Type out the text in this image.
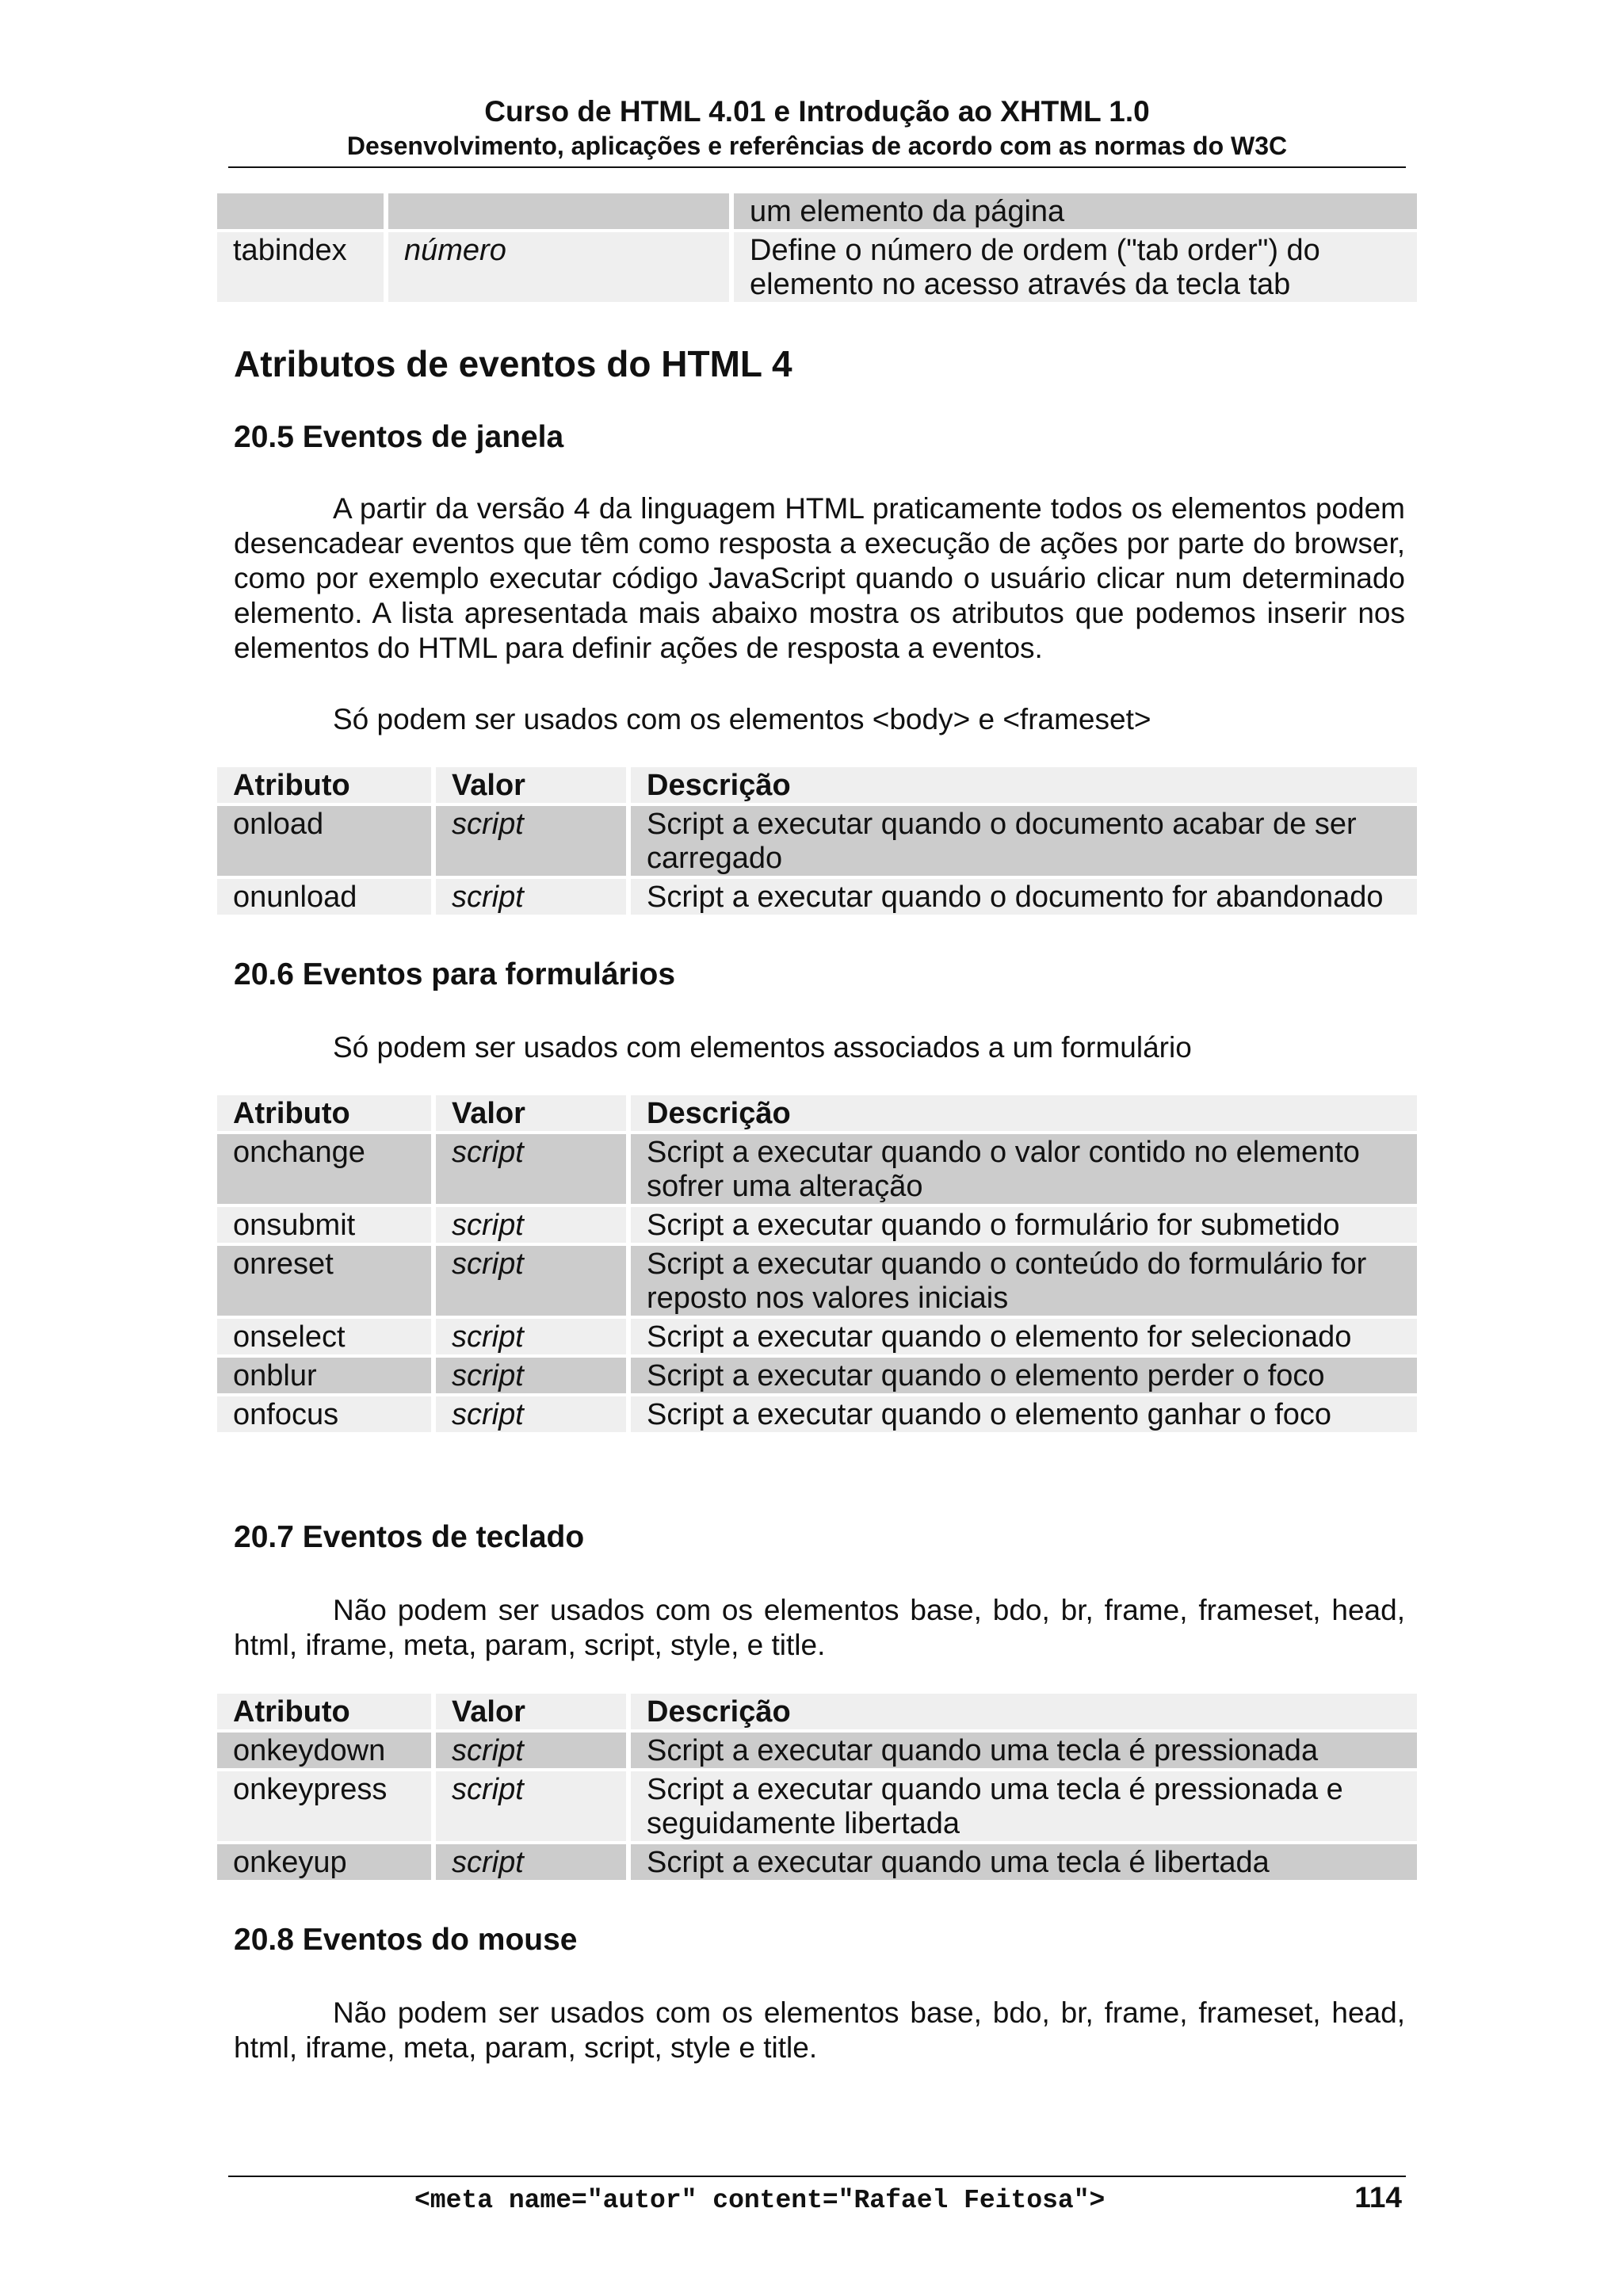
Curso de HTML 4.01 e Introdução ao XHTML 1.0
Desenvolvimento, aplicações e referências de acordo com as normas do W3C
		um elemento da página
tabindex	número	Define o número de ordem ("tab order") do elemento no acesso através da tecla tab
Atributos de eventos do HTML 4
20.5 Eventos de janela

A partir da versão 4 da linguagem HTML praticamente todos os elementos podem desencadear eventos que têm como resposta a execução de ações por parte do browser, como por exemplo executar código JavaScript quando o usuário clicar num determinado elemento. A lista apresentada mais abaixo mostra os atributos que podemos inserir nos elementos do HTML para definir ações de resposta a eventos.

Só podem ser usados com os elementos <body> e <frameset>

Atributo	Valor	Descrição
onload	script	Script a executar quando o documento acabar de ser carregado
onunload	script	Script a executar quando o documento for abandonado
20.6 Eventos para formulários

Só podem ser usados com elementos associados a um formulário

Atributo	Valor	Descrição
onchange	script	Script a executar quando o valor contido no elemento sofrer uma alteração
onsubmit	script	Script a executar quando o formulário for submetido
onreset	script	Script a executar quando o conteúdo do formulário for reposto nos valores iniciais
onselect	script	Script a executar quando o elemento for selecionado
onblur	script	Script a executar quando o elemento perder o foco
onfocus	script	Script a executar quando o elemento ganhar o foco
20.7 Eventos de teclado

Não podem ser usados com os elementos base, bdo, br, frame, frameset, head, html, iframe, meta, param, script, style, e title.

Atributo	Valor	Descrição
onkeydown	script	Script a executar quando uma tecla é pressionada
onkeypress	script	Script a executar quando uma tecla é pressionada e seguidamente libertada
onkeyup	script	Script a executar quando uma tecla é libertada
20.8 Eventos do mouse

Não podem ser usados com os elementos base, bdo, br, frame, frameset, head, html, iframe, meta, param, script, style e title.

<meta name="autor" content="Rafael Feitosa">	114
